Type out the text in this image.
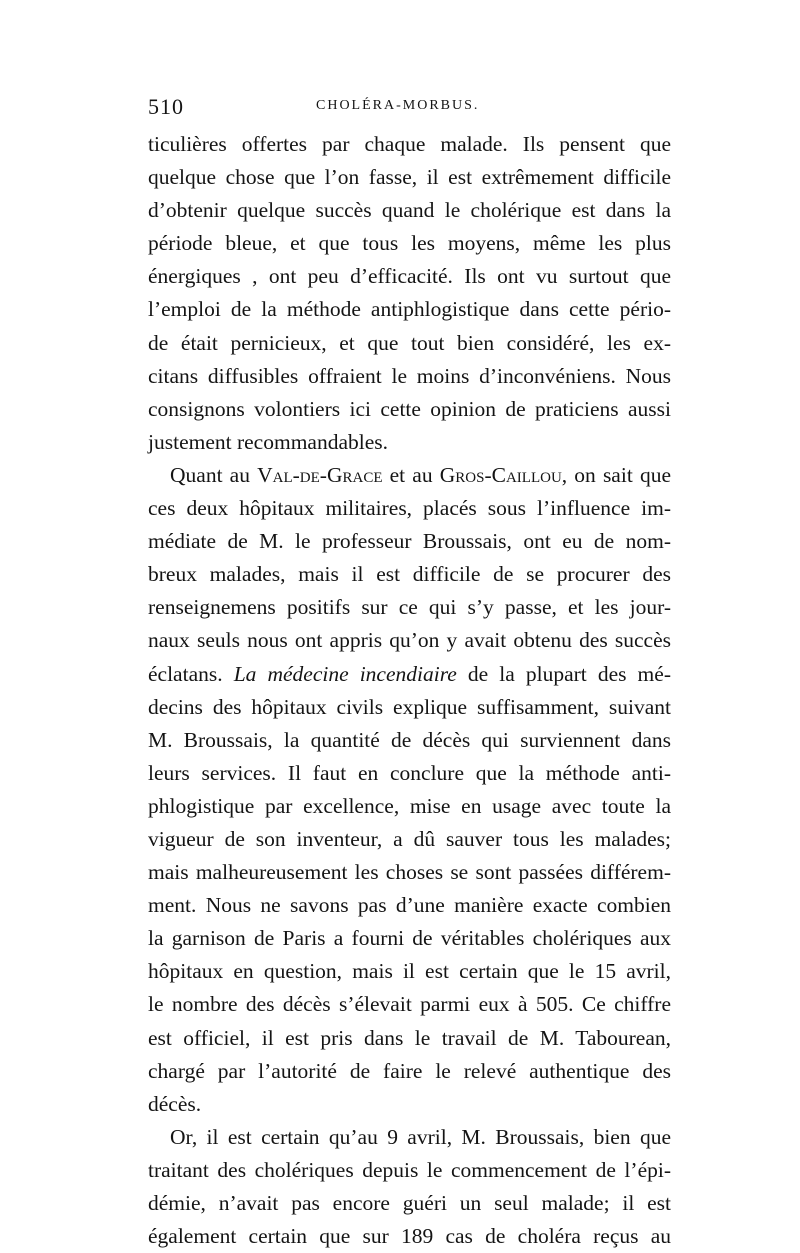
510	CHOLÉRA-MORBUS.
ticulières offertes par chaque malade. Ils pensent que
quelque chose que l’on fasse, il est extrêmement difficile
d’obtenir quelque succès quand le cholérique est dans la
période bleue, et que tous les moyens, même les plus
énergiques , ont peu d’efficacité. Ils ont vu surtout que
l’emploi de la méthode antiphlogistique dans cette pério-
de était pernicieux, et que tout bien considéré, les ex-
citans diffusibles offraient le moins d’inconvéniens. Nous
consignons volontiers ici cette opinion de praticiens aussi
justement recommandables.
Quant au Val-de-Grace et au Gros-Caillou, on sait que
ces deux hôpitaux militaires, placés sous l’influence im-
médiate de M. le professeur Broussais, ont eu de nom-
breux malades, mais il est difficile de se procurer des
renseignemens positifs sur ce qui s’y passe, et les jour-
naux seuls nous ont appris qu’on y avait obtenu des succès
éclatans. La médecine incendiaire de la plupart des mé-
decins des hôpitaux civils explique suffisamment, suivant
M. Broussais, la quantité de décès qui surviennent dans
leurs services. Il faut en conclure que la méthode anti-
phlogistique par excellence, mise en usage avec toute la
vigueur de son inventeur, a dû sauver tous les malades;
mais malheureusement les choses se sont passées différem-
ment. Nous ne savons pas d’une manière exacte combien
la garnison de Paris a fourni de véritables cholériques aux
hôpitaux en question, mais il est certain que le 15 avril,
le nombre des décès s’élevait parmi eux à 505. Ce chiffre
est officiel, il est pris dans le travail de M. Tabourean,
chargé par l’autorité de faire le relevé authentique des
décès.
Or, il est certain qu’au 9 avril, M. Broussais, bien que
traitant des cholériques depuis le commencement de l’épi-
démie, n’avait pas encore guéri un seul malade; il est
également certain que sur 189 cas de choléra reçus au
